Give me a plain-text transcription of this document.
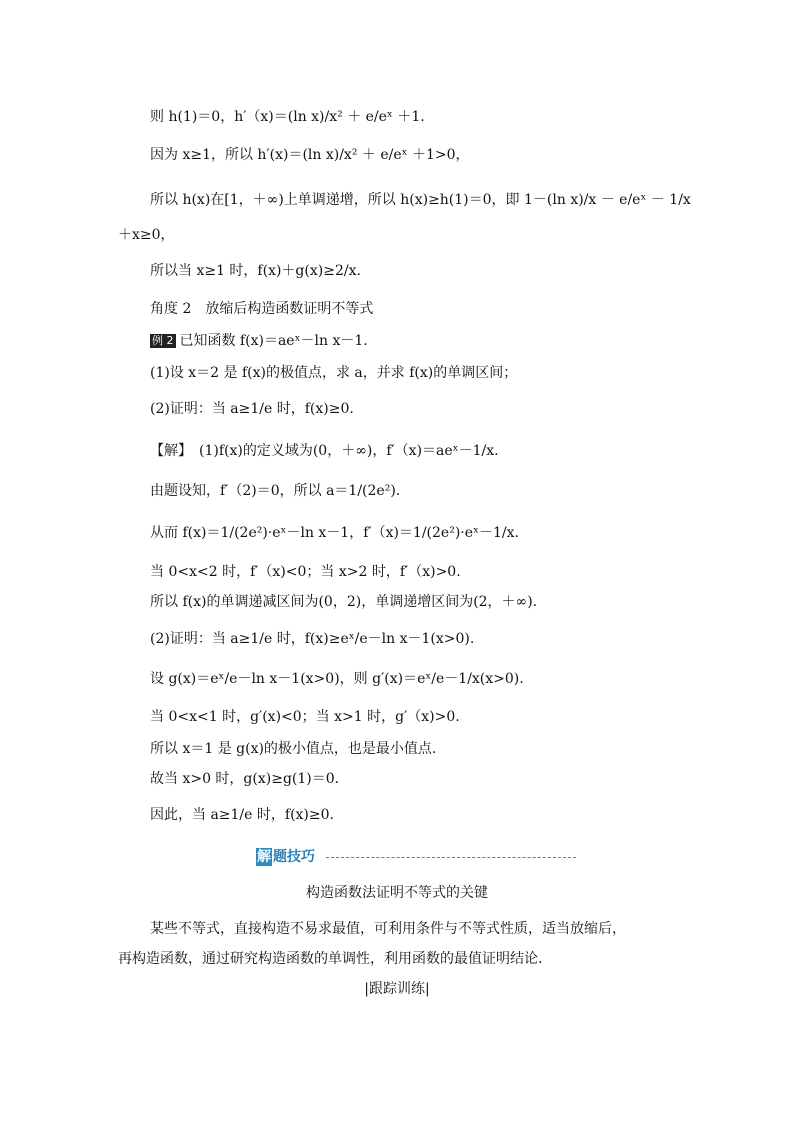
则 h(1)＝0，h′（x)＝(ln x)/x² ＋ e/eˣ ＋1.
因为 x≥1，所以 h′(x)＝(ln x)/x² ＋ e/eˣ ＋1>0，
所以 h(x)在[1，＋∞)上单调递增，所以 h(x)≥h(1)＝0，即 1－(ln x)/x － e/eˣ － 1/x
＋x≥0，
所以当 x≥1 时，f(x)＋g(x)≥2/x.
角度 2　放缩后构造函数证明不等式
例 2 已知函数 f(x)＝aeˣ－ln x－1.
(1)设 x＝2 是 f(x)的极值点，求 a，并求 f(x)的单调区间；
(2)证明：当 a≥1/e 时，f(x)≥0.
【解】　(1)f(x)的定义域为(0，＋∞)，f′（x)＝aeˣ－1/x.
由题设知，f′（2)＝0，所以 a＝1/(2e²).
从而 f(x)＝1/(2e²)·eˣ－ln x－1，f′（x)＝1/(2e²)·eˣ－1/x.
当 0<x<2 时，f′（x)<0；当 x>2 时，f′（x)>0.
所以 f(x)的单调递减区间为(0，2)，单调递增区间为(2，＋∞).
(2)证明：当 a≥1/e 时，f(x)≥eˣ/e－ln x－1(x>0).
设 g(x)＝eˣ/e－ln x－1(x>0)，则 g′(x)＝eˣ/e－1/x(x>0).
当 0<x<1 时，g′(x)<0；当 x>1 时，g′（x)>0.
所以 x＝1 是 g(x)的极小值点，也是最小值点.
故当 x>0 时，g(x)≥g(1)＝0.
因此，当 a≥1/e 时，f(x)≥0.
解 题技巧
构造函数法证明不等式的关键
某些不等式，直接构造不易求最值，可利用条件与不等式性质，适当放缩后，
再构造函数，通过研究构造函数的单调性，利用函数的最值证明结论.
|跟踪训练|
